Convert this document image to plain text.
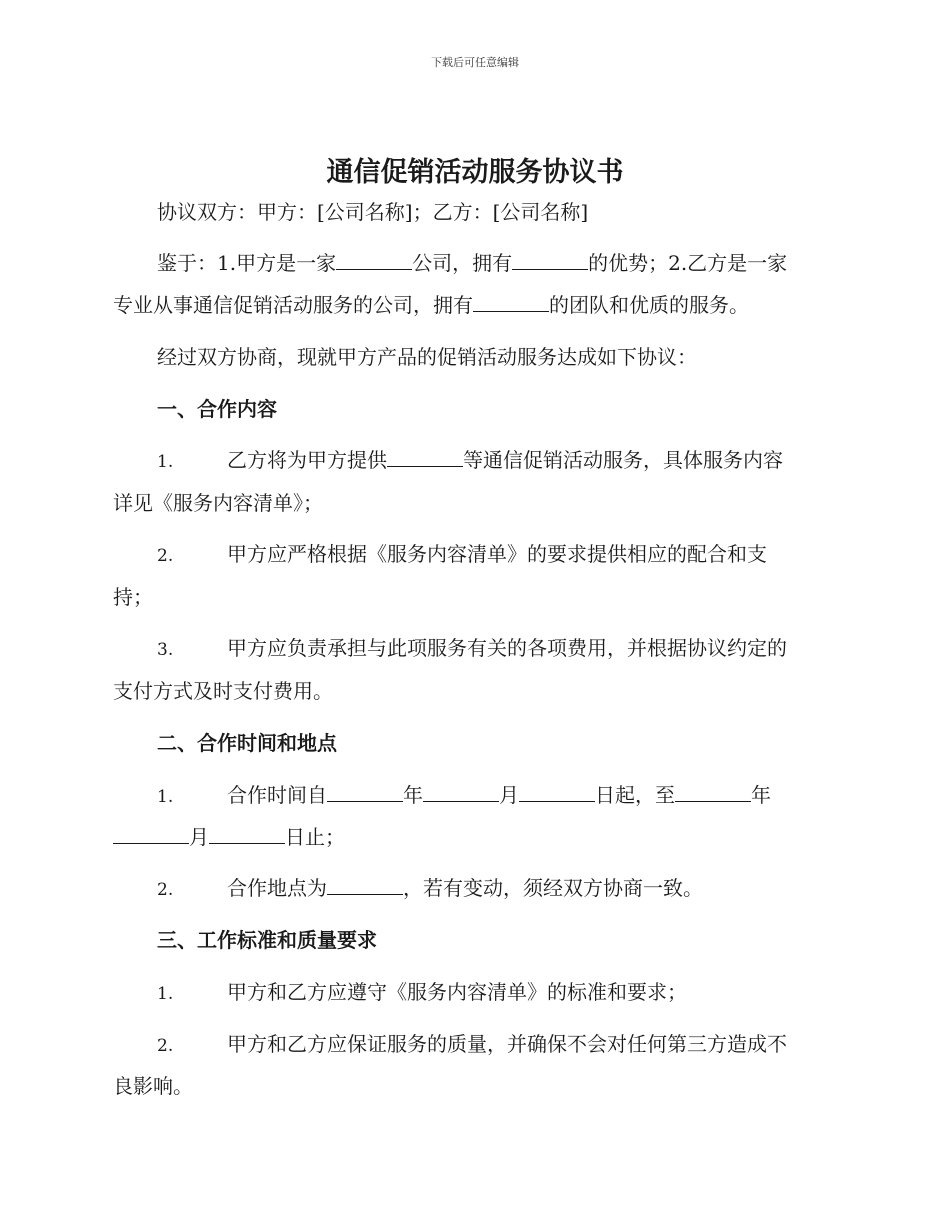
下载后可任意编辑
通信促销活动服务协议书
协议双方：甲方：[公司名称]；乙方：[公司名称]
鉴于：1.甲方是一家	公司，拥有	的优势；2.乙方是一家
专业从事通信促销活动服务的公司，拥有	的团队和优质的服务。
经过双方协商，现就甲方产品的促销活动服务达成如下协议：
一、合作内容
1.	乙方将为甲方提供	等通信促销活动服务，具体服务内容
详见《服务内容清单》；
2.	甲方应严格根据《服务内容清单》的要求提供相应的配合和支
持；
3.	甲方应负责承担与此项服务有关的各项费用，并根据协议约定的
支付方式及时支付费用。
二、合作时间和地点
1.	合作时间自	年	月	日起，至	年
月	日止；
2.	合作地点为	，若有变动，须经双方协商一致。
三、工作标准和质量要求
1.	甲方和乙方应遵守《服务内容清单》的标准和要求；
2.	甲方和乙方应保证服务的质量，并确保不会对任何第三方造成不
良影响。
